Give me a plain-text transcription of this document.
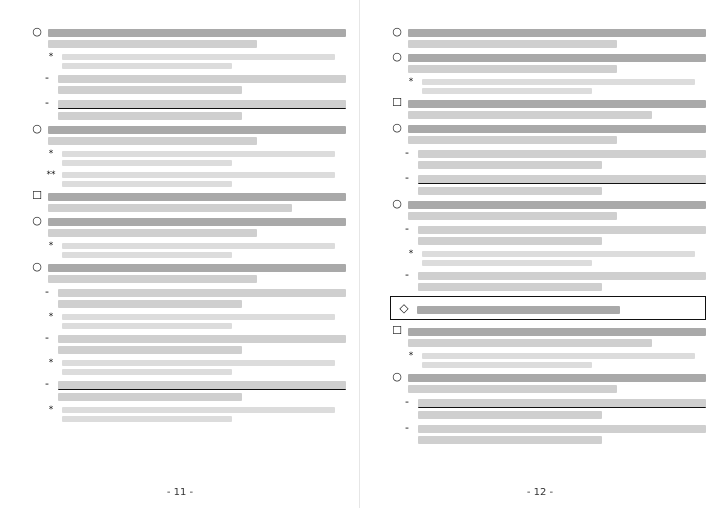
○
*
-
-
○
*
**
☐
○
*
○
-
*
-
*
-
*
- 11 -
○
○
*
☐
○
-
-
○
-
*
-
◇
☐
*
○
-
-
- 12 -
